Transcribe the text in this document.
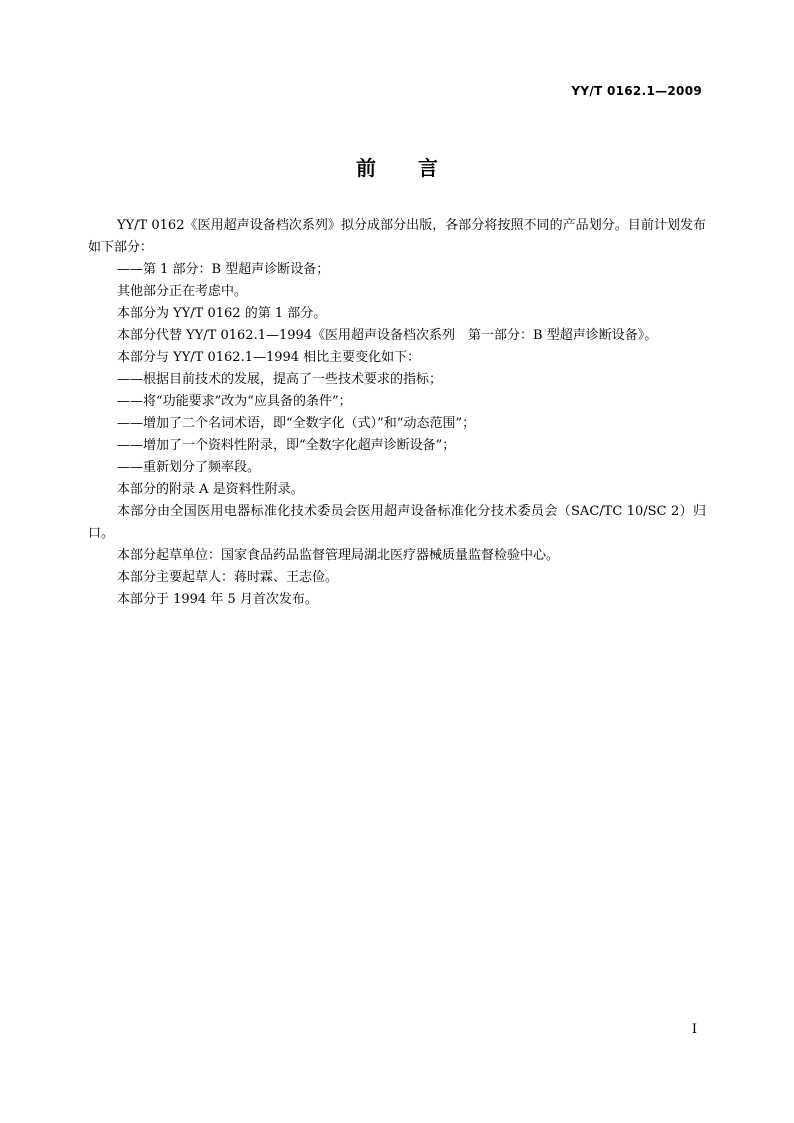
YY/T 0162.1—2009
前言

YY/T 0162《医用超声设备档次系列》拟分成部分出版，各部分将按照不同的产品划分。目前计划发布如下部分：

——第 1 部分：B 型超声诊断设备；

其他部分正在考虑中。

本部分为 YY/T 0162 的第 1 部分。

本部分代替 YY/T 0162.1—1994《医用超声设备档次系列　第一部分：B 型超声诊断设备》。

本部分与 YY/T 0162.1—1994 相比主要变化如下：

——根据目前技术的发展，提高了一些技术要求的指标；

——将“功能要求”改为“应具备的条件”；

——增加了二个名词术语，即“全数字化（式）”和“动态范围”；

——增加了一个资料性附录，即“全数字化超声诊断设备”；

——重新划分了频率段。

本部分的附录 A 是资料性附录。

本部分由全国医用电器标准化技术委员会医用超声设备标准化分技术委员会（SAC/TC 10/SC 2）归口。

本部分起草单位：国家食品药品监督管理局湖北医疗器械质量监督检验中心。

本部分主要起草人：蒋时霖、王志俭。

本部分于 1994 年 5 月首次发布。

I
